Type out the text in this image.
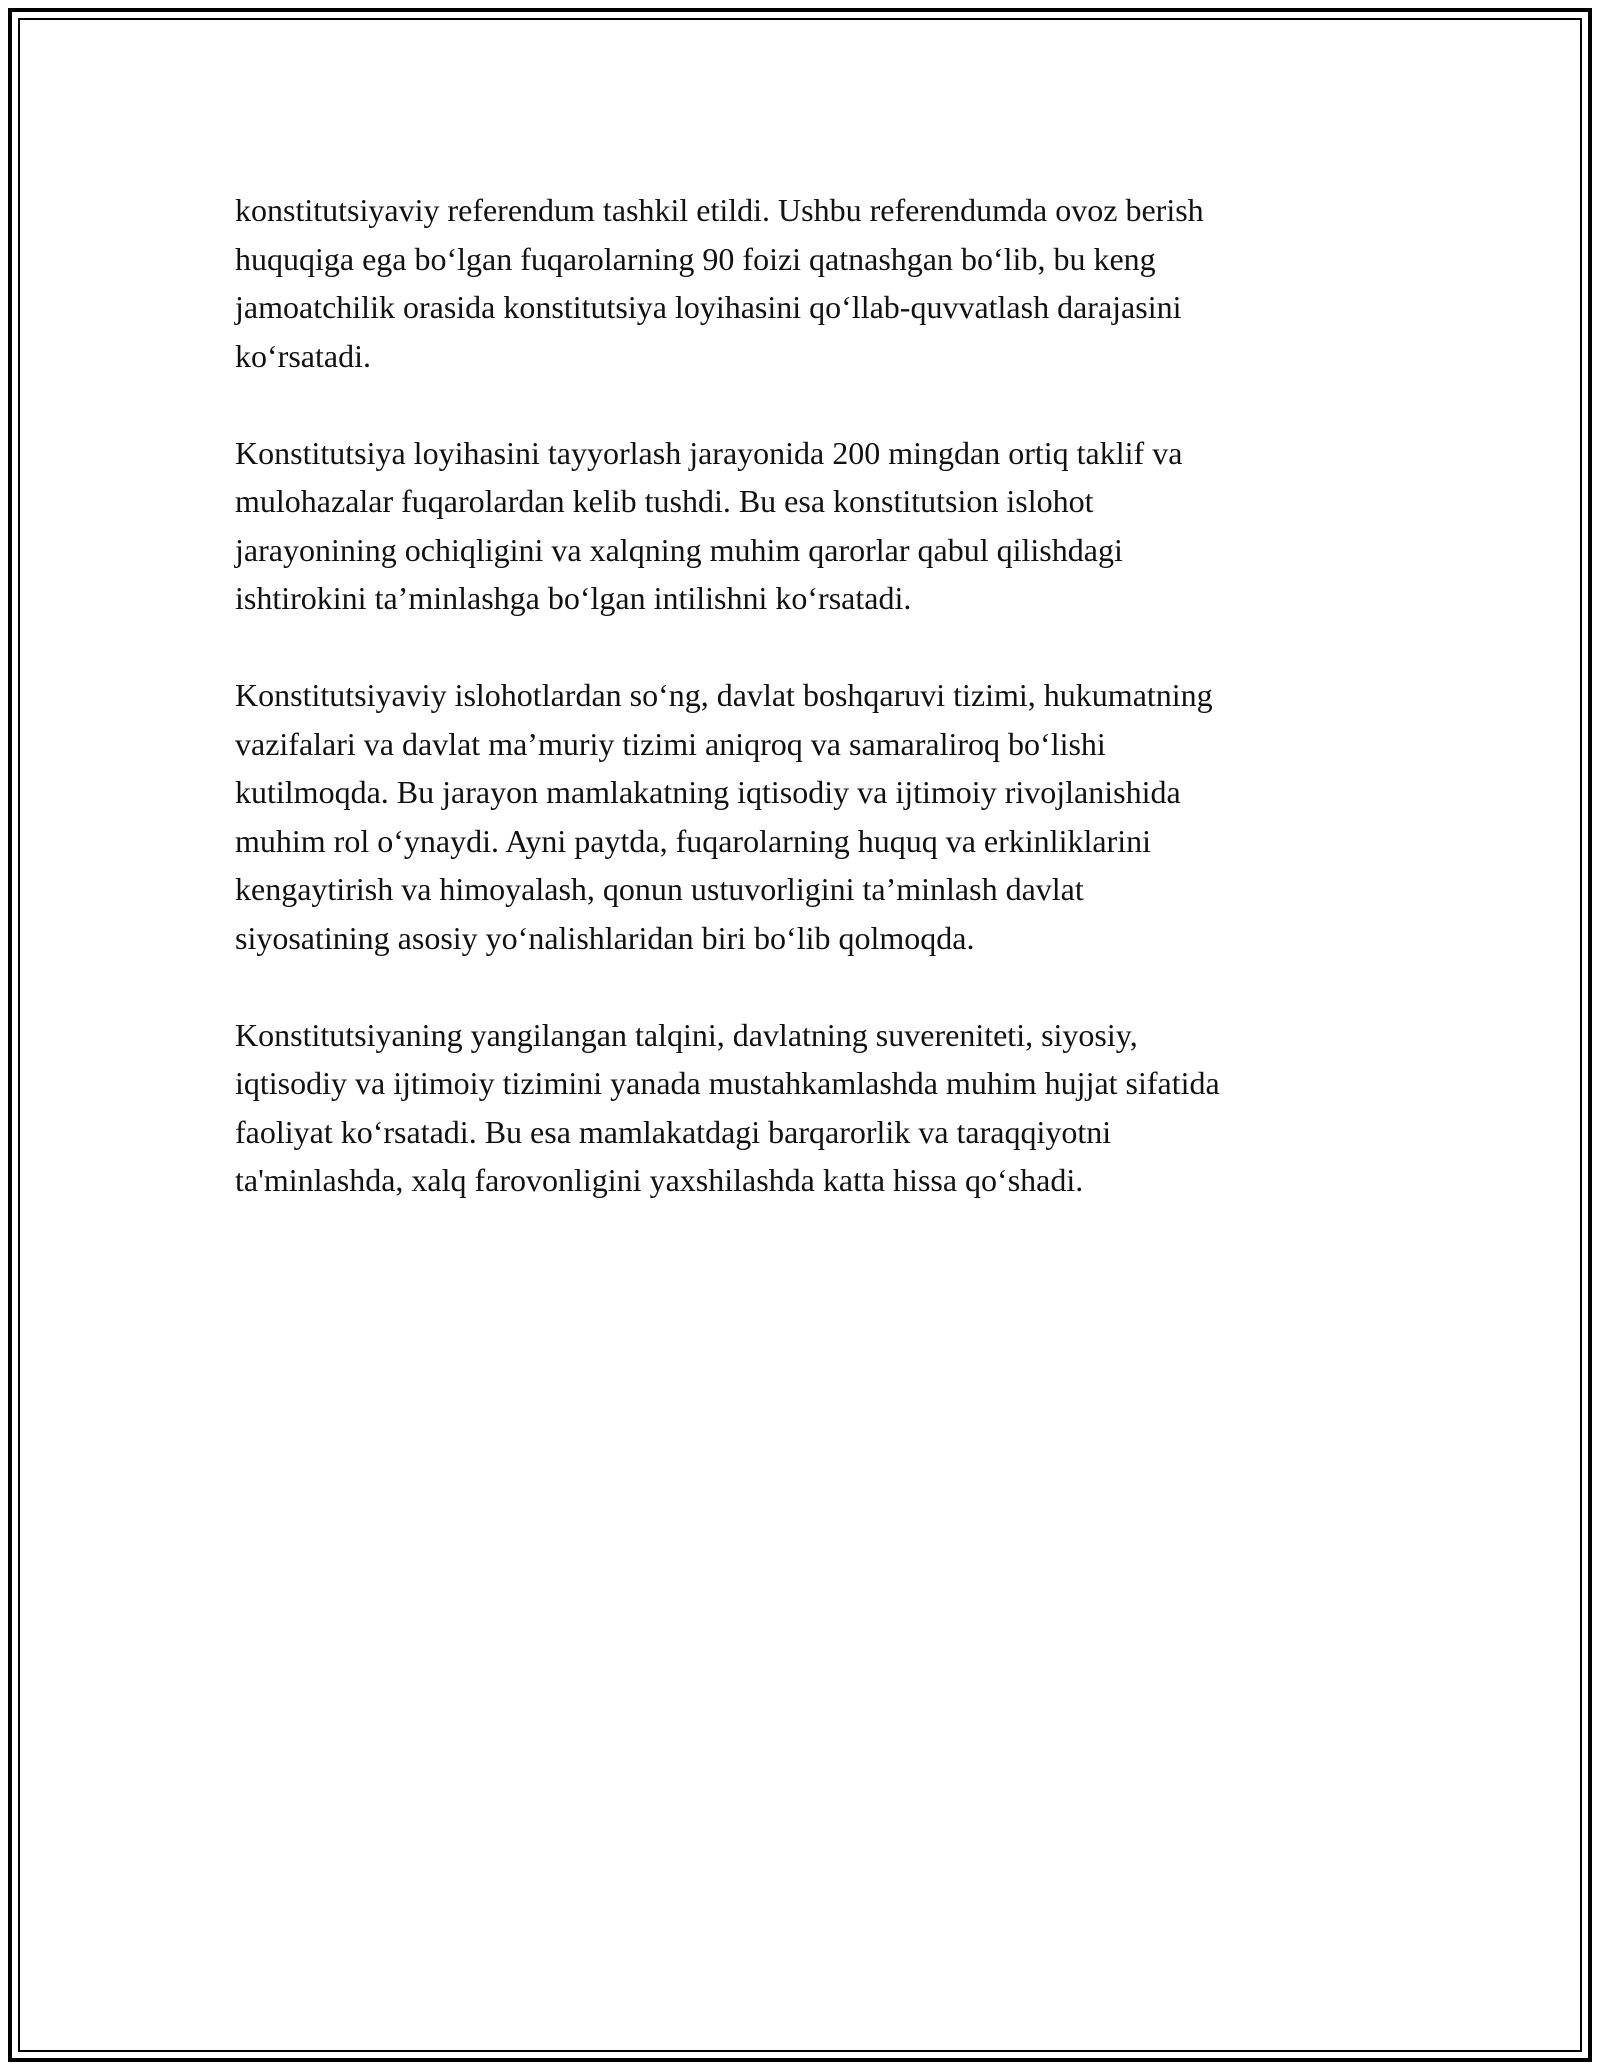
konstitutsiyaviy referendum tashkil etildi. Ushbu referendumda ovoz berish
huquqiga ega bo‘lgan fuqarolarning 90 foizi qatnashgan bo‘lib, bu keng
jamoatchilik orasida konstitutsiya loyihasini qo‘llab-quvvatlash darajasini
ko‘rsatadi.

Konstitutsiya loyihasini tayyorlash jarayonida 200 mingdan ortiq taklif va
mulohazalar fuqarolardan kelib tushdi. Bu esa konstitutsion islohot
jarayonining ochiqligini va xalqning muhim qarorlar qabul qilishdagi
ishtirokini ta’minlashga bo‘lgan intilishni ko‘rsatadi.

Konstitutsiyaviy islohotlardan so‘ng, davlat boshqaruvi tizimi, hukumatning
vazifalari va davlat ma’muriy tizimi aniqroq va samaraliroq bo‘lishi
kutilmoqda. Bu jarayon mamlakatning iqtisodiy va ijtimoiy rivojlanishida
muhim rol o‘ynaydi. Ayni paytda, fuqarolarning huquq va erkinliklarini
kengaytirish va himoyalash, qonun ustuvorligini ta’minlash davlat
siyosatining asosiy yo‘nalishlaridan biri bo‘lib qolmoqda.

Konstitutsiyaning yangilangan talqini, davlatning suvereniteti, siyosiy,
iqtisodiy va ijtimoiy tizimini yanada mustahkamlashda muhim hujjat sifatida
faoliyat ko‘rsatadi. Bu esa mamlakatdagi barqarorlik va taraqqiyotni
ta'minlashda, xalq farovonligini yaxshilashda katta hissa qo‘shadi.
